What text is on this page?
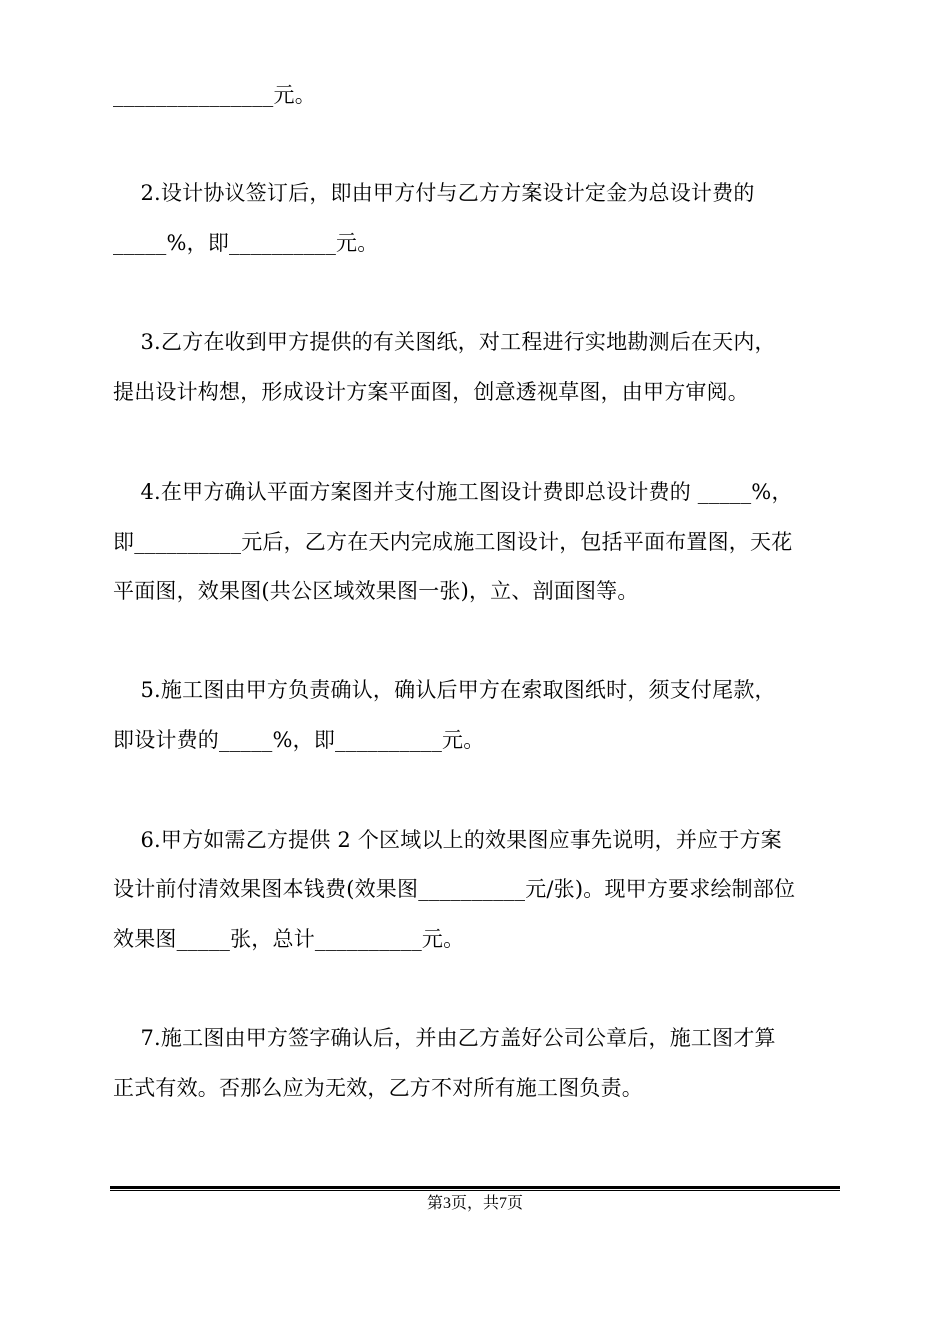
_______________元。
2.设计协议签订后，即由甲方付与乙方方案设计定金为总设计费的
_____%，即__________元。
3.乙方在收到甲方提供的有关图纸，对工程进行实地勘测后在天内，
提出设计构想，形成设计方案平面图，创意透视草图，由甲方审阅。
4.在甲方确认平面方案图并支付施工图设计费即总设计费的 _____%，
即__________元后，乙方在天内完成施工图设计，包括平面布置图，天花
平面图，效果图(共公区域效果图一张)，立、剖面图等。
5.施工图由甲方负责确认，确认后甲方在索取图纸时，须支付尾款，
即设计费的_____%，即__________元。
6.甲方如需乙方提供 2 个区域以上的效果图应事先说明，并应于方案
设计前付清效果图本钱费(效果图__________元/张)。现甲方要求绘制部位
效果图_____张，总计__________元。
7.施工图由甲方签字确认后，并由乙方盖好公司公章后，施工图才算
正式有效。否那么应为无效，乙方不对所有施工图负责。
第3页，共7页
